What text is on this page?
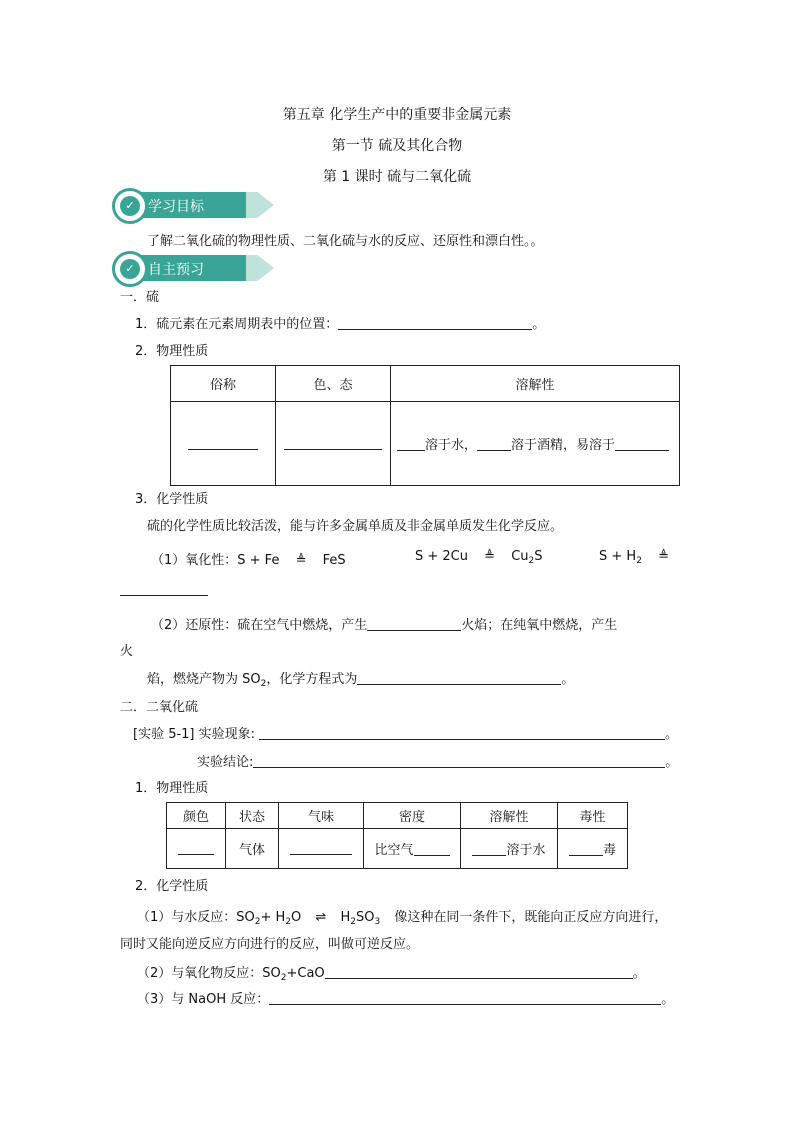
第五章 化学生产中的重要非金属元素
第一节 硫及其化合物
第 1 课时 硫与二氧化硫
✓ 学习目标
了解二氧化硫的物理性质、二氧化硫与水的反应、还原性和漂白性。。
✓ 自主预习
一．硫
1．硫元素在元素周期表中的位置：	。
2．物理性质
俗称	色、态	溶解性
		溶于水， 溶于酒精，易溶于
3．化学性质
硫的化学性质比较活泼，能与许多金属单质及非金属单质发生化学反应。
（1）氧化性：S + Fe ≜ FeS	S + 2Cu ≜ $Cu_2S$	$S + H_2$ ≜
（2）还原性：硫在空气中燃烧，产生	火焰；在纯氧中燃烧，产生
火
焰，燃烧产物为 $SO_2$，化学方程式为	。
二．二氧化硫
[实验 5-1] 实验现象:	。
实验结论:	。
1．物理性质
颜色	状态	气味	密度	溶解性	毒性
	气体		比空气	溶于水	毒
2．化学性质
（1）与水反应：$SO_2+ H_2O$ ⇌ $H_2SO_3$ 像这种在同一条件下，既能向正反应方向进行，
同时又能向逆反应方向进行的反应，叫做可逆反应。
（2）与氧化物反应：$SO_2+CaO$	。
（3）与 NaOH 反应：	。
